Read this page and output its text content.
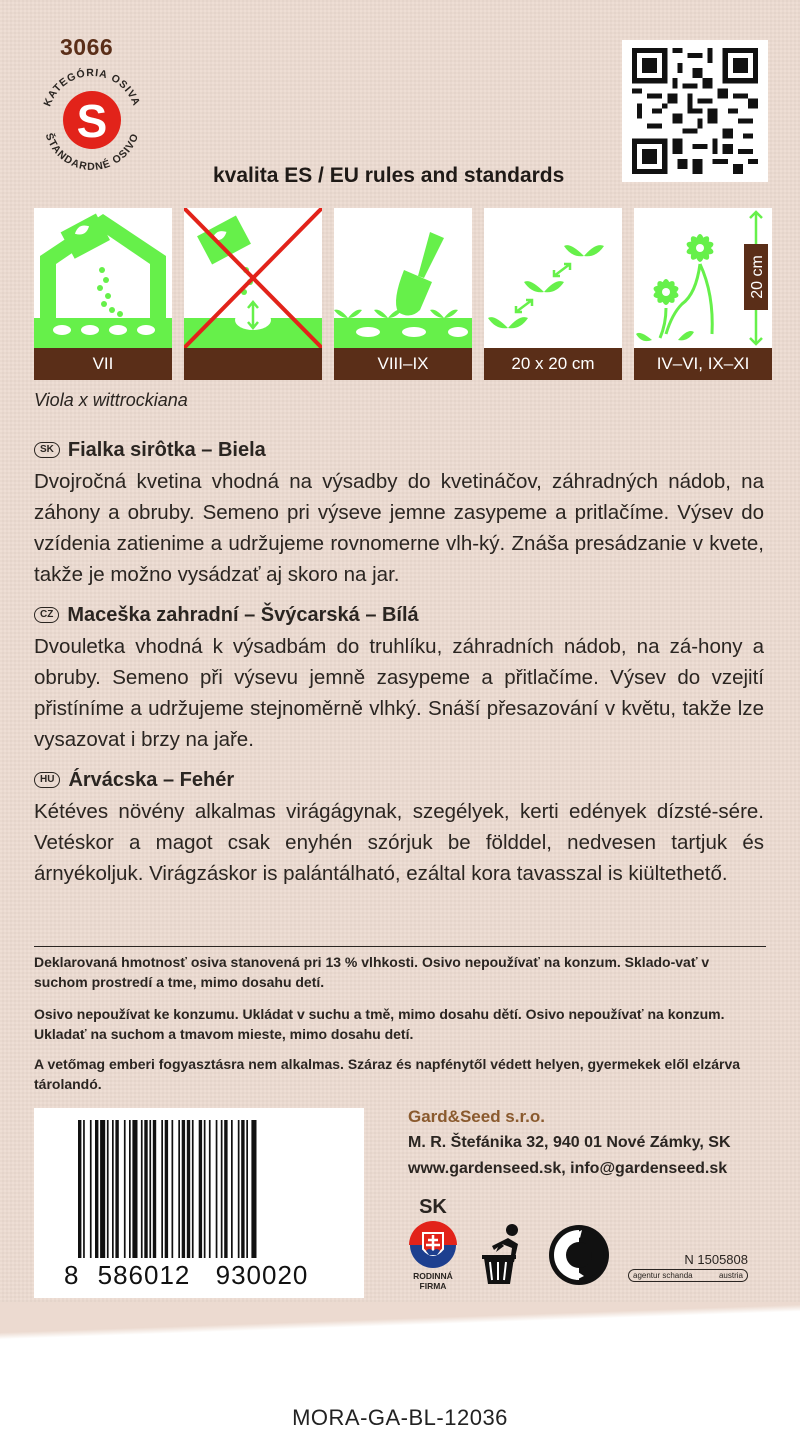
3066
KATEGÓRIA OSIVA
ŠTANDARDNÉ OSIVO
S
kvalita ES / EU rules and standards
VII	VIII–IX	20 x 20 cm
20 cm
IV–VI, IX–XI
Viola x wittrockiana
SK Fialka sirôtka – Biela
Dvojročná kvetina vhodná na výsadby do kvetináčov, záhradných nádob, na záhony a obruby. Semeno pri výseve jemne zasypeme a pritlačíme. Výsev do vzídenia zatienime a udržujeme rovnomerne vlh-ký. Znáša presádzanie v kvete, takže je možno vysádzať aj skoro na jar.
CZ Maceška zahradní – Švýcarská – Bílá
Dvouletka vhodná k výsadbám do truhlíku, záhradních nádob, na zá-hony a obruby. Semeno při výsevu jemně zasypeme a přitlačíme. Výsev do vzejití přistíníme a udržujeme stejnoměrně vlhký. Snáší přesazování v květu, takže lze vysazovat i brzy na jaře.
HU Árvácska – Fehér
Kétéves növény alkalmas virágágynak, szegélyek, kerti edények dízsté-sére. Vetéskor a magot csak enyhén szórjuk be földdel, nedvesen tartjuk és árnyékoljuk. Virágzáskor is palántálható, ezáltal kora tavasszal is kiültethető.
Deklarovaná hmotnosť osiva stanovená pri 13 % vlhkosti. Osivo nepoužívať na konzum. Sklado-vať v suchom prostredí a tme, mimo dosahu detí.
Osivo nepoužívat ke konzumu. Ukládat v suchu a tmě, mimo dosahu dětí. Osivo nepoužívať na konzum. Ukladať na suchom a tmavom mieste, mimo dosahu detí.
A vetőmag emberi fogyasztásra nem alkalmas. Száraz és napfénytől védett helyen, gyermekek elől elzárva tárolandó.
8 586012 930020
Gard&Seed s.r.o.
M. R. Štefánika 32, 940 01 Nové Zámky, SK
www.gardenseed.sk, info@gardenseed.sk
SK
RODINNÁ
FIRMA
N 1505808
agentur schanda	austria
MORA-GA-BL-12036
